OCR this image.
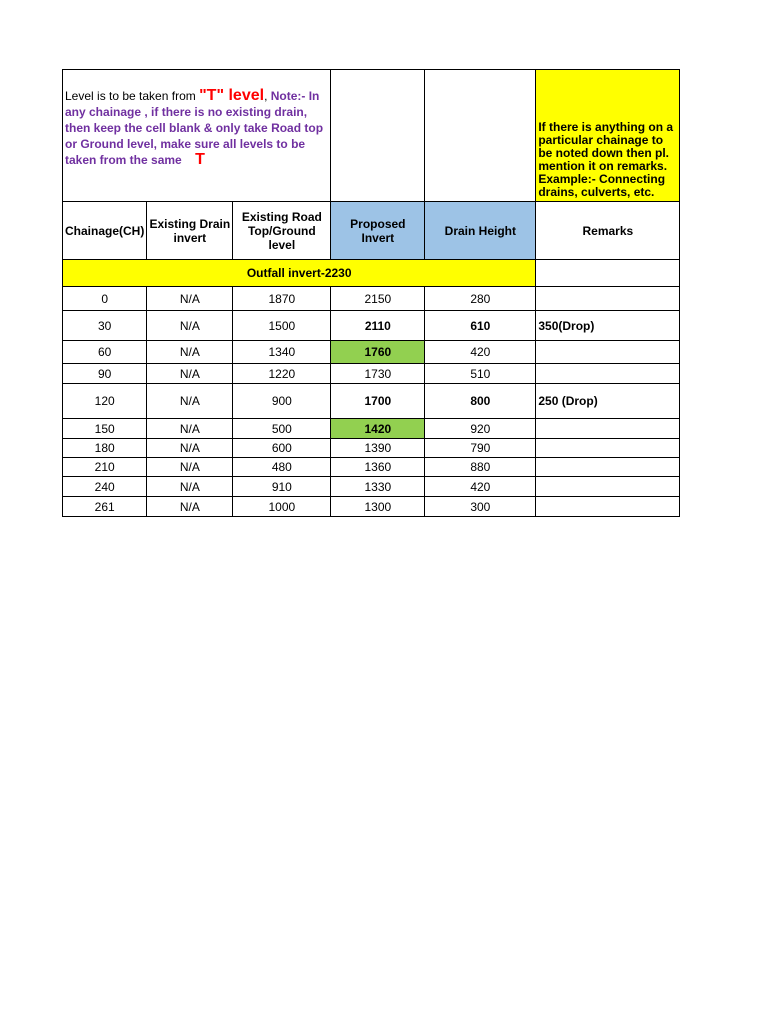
Level is to be taken from "T" level, Note:- In any chainage , if there is no existing drain, then keep the cell blank & only take Road top or Ground level, make sure all levels to be taken from the same T					If there is anything on a particular chainage to be noted down then pl. mention it on remarks. Example:- Connecting drains, culverts, etc.
Chainage(CH)	Existing Drain invert	Existing Road Top/Ground level	Proposed Invert	Drain Height	Remarks
Outfall invert-2230					
0	N/A	1870	2150	280	
30	N/A	1500	2110	610	350(Drop)
60	N/A	1340	1760	420	
90	N/A	1220	1730	510	
120	N/A	900	1700	800	250 (Drop)
150	N/A	500	1420	920	
180	N/A	600	1390	790	
210	N/A	480	1360	880	
240	N/A	910	1330	420	
261	N/A	1000	1300	300	
